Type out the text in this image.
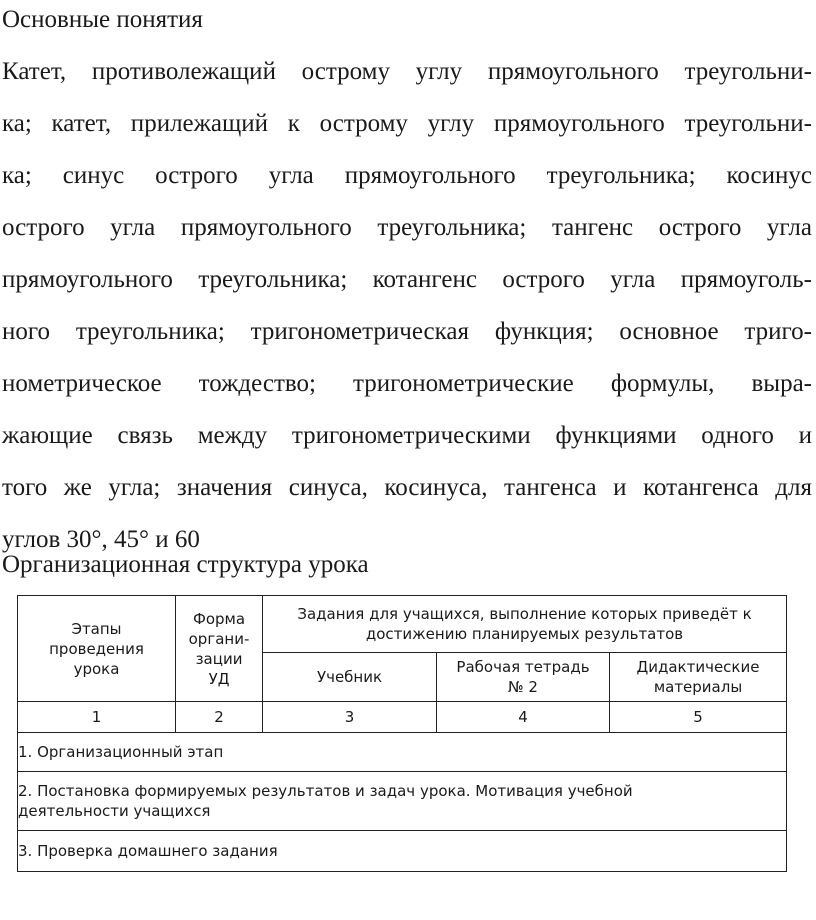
Основные понятия

Катет, противолежащий острому углу прямоугольного треугольни-
ка; катет, прилежащий к острому углу прямоугольного треугольни-
ка; синус острого угла прямоугольного треугольника; косинус
острого угла прямоугольного треугольника; тангенс острого угла
прямоугольного треугольника; котангенс острого угла прямоуголь-
ного треугольника; тригонометрическая функция; основное триго-
нометрическое тождество; тригонометрические формулы, выра-
жающие связь между тригонометрическими функциями одного и
того же угла; значения синуса, косинуса, тангенса и котангенса для
углов 30°, 45° и 60

Организационная структура урока
Этапы проведения урока	Форма органи-зации УД	Задания для учащихся, выполнение которых приведёт к достижению планируемых результатов		

		Учебник	Рабочая тетрадь № 2	Дидактические материалы

1	2	3	4	5
1. Организационный этап				

2. Постановка формируемых результатов и задач урока. Мотивация учебной деятельности учащихся				

3. Проверка домашнего задания				
